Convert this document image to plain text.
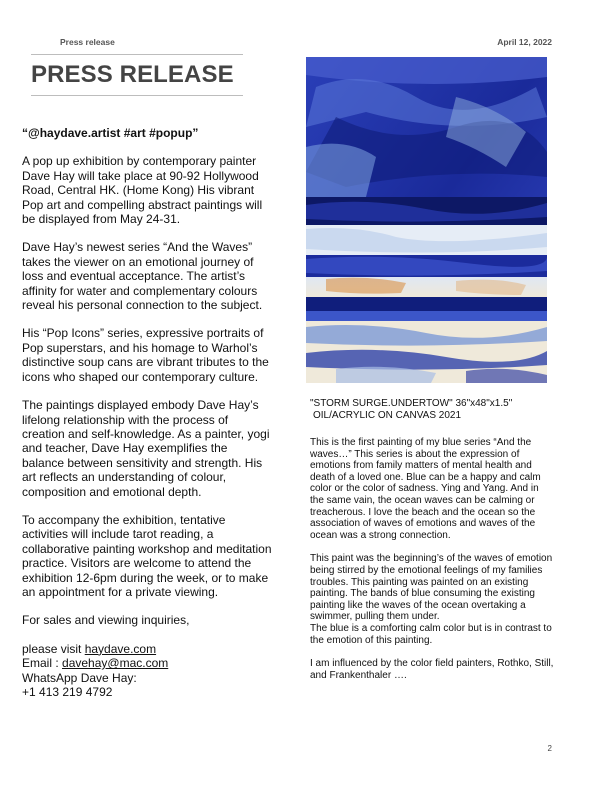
Press release	April 12, 2022
PRESS RELEASE

“@haydave.artist #art #popup”

A pop up exhibition by contemporary painter Dave Hay will take place at 90-92 Hollywood Road, Central HK. (Home Kong) His vibrant Pop art and compelling abstract paintings will be displayed from May 24-31.

Dave Hay’s newest series “And the Waves” takes the viewer on an emotional journey of loss and eventual acceptance. The artist’s affinity for water and complementary colours reveal his personal connection to the subject.

His “Pop Icons” series, expressive portraits of Pop superstars, and his homage to Warhol’s distinctive soup cans are vibrant tributes to the icons who shaped our contemporary culture.

The paintings displayed embody Dave Hay’s lifelong relationship with the process of creation and self-knowledge. As a painter, yogi and teacher, Dave Hay exemplifies the balance between sensitivity and strength. His art reflects an understanding of colour, composition and emotional depth.

To accompany the exhibition, tentative activities will include tarot reading, a collaborative painting workshop and meditation practice. Visitors are welcome to attend the exhibition 12-6pm during the week, or to make an appointment for a private viewing.

For sales and viewing inquiries,

please visit haydave.com
Email : davehay@mac.com
WhatsApp Dave Hay:
+1 413 219 4792
"STORM SURGE.UNDERTOW" 36"x48"x1.5"
OIL/ACRYLIC ON CANVAS 2021

This is the first painting of my blue series “And the waves…” This series is about the expression of emotions from family matters of mental health and death of a loved one. Blue can be a happy and calm color or the color of sadness. Ying and Yang. And in the same vain, the ocean waves can be calming or treacherous. I love the beach and the ocean so the association of waves of emotions and waves of the ocean was a strong connection.

This paint was the beginning’s of the waves of emotion being stirred by the emotional feelings of my families troubles. This painting was painted on an existing painting. The bands of blue consuming the existing painting like the waves of the ocean overtaking a swimmer, pulling them under.

The blue is a comforting calm color but is in contrast to the emotion of this painting.

I am influenced by the color field painters, Rothko, Still, and Frankenthaler ….

2
